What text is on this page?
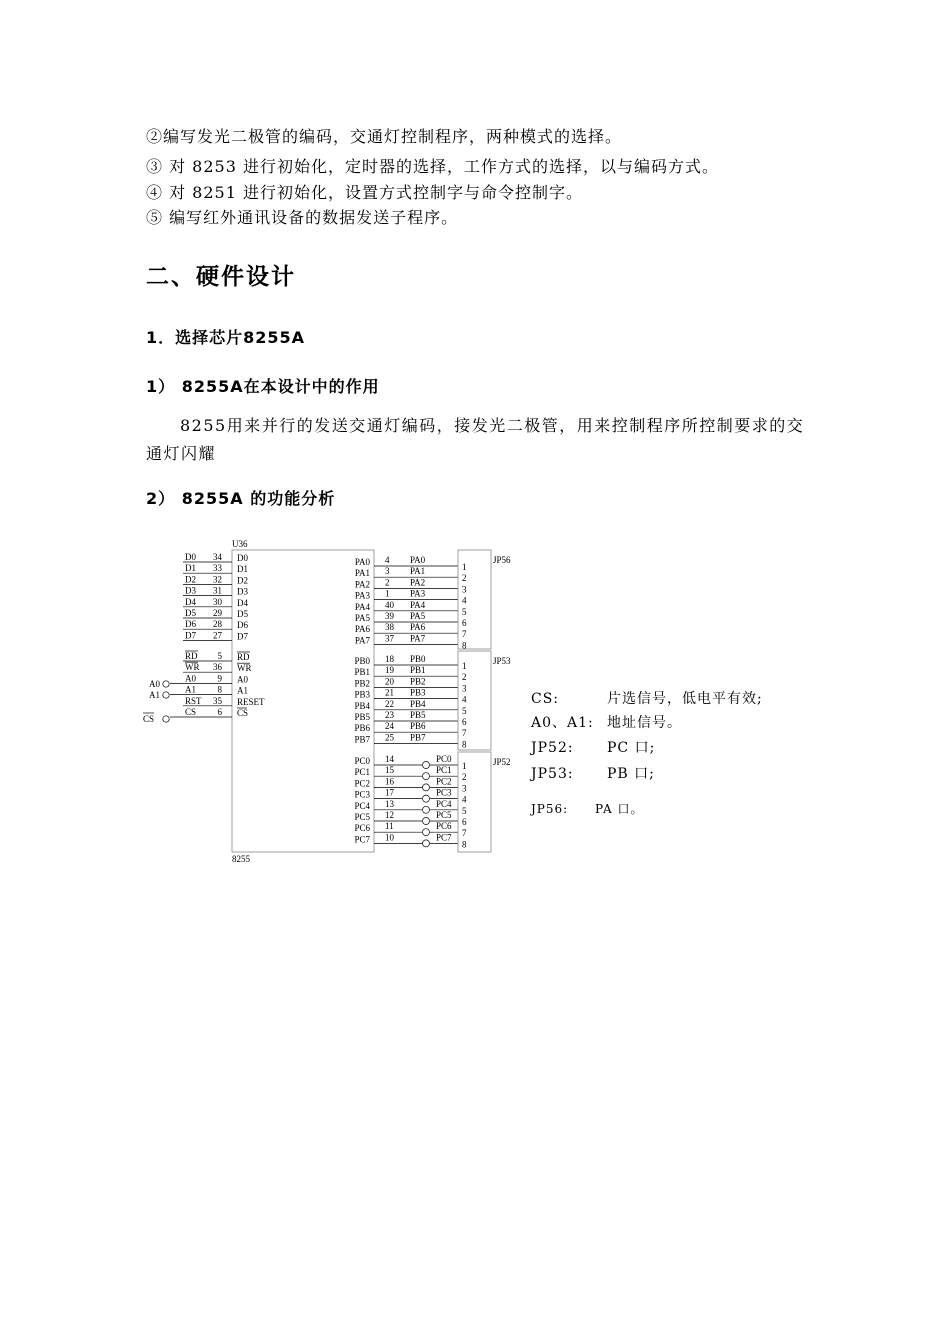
②编写发光二极管的编码，交通灯控制程序，两种模式的选择。
③ 对 8253 进行初始化，定时器的选择，工作方式的选择，以与编码方式。
④ 对 8251 进行初始化，设置方式控制字与命令控制字。
⑤ 编写红外通讯设备的数据发送子程序。
二、硬件设计
1．选择芯片8255A
1） 8255A在本设计中的作用
8255用来并行的发送交通灯编码，接发光二极管，用来控制程序所控制要求的交通灯闪耀
2） 8255A 的功能分析
U36
8255
D0 34 D0
D1 33 D1
D2 32 D2
D3 31 D3
D4 30 D4
D5 29 D5
D6 28 D6
D7 27 D7
RD 5 RD
WR 36 WR
A0 9 A0
A1 8 A1
RST 35 RESET
CS 6 CS
A0
A1
CS
PA0 4 PA0
1
PA1 3 PA1
2
PA2 2 PA2
3
PA3 1 PA3
4
PA4 40 PA4
5
PA5 39 PA5
6
PA6 38 PA6
7
PA7 37 PA7
8
JP56
PB0 18 PB0
1
PB1 19 PB1
2
PB2 20 PB2
3
PB3 21 PB3
4
PB4 22 PB4
5
PB5 23 PB5
6
PB6 24 PB6
7
PB7 25 PB7
8
JP53
PC0 14	PC0
1
PC1 15	PC1
2
PC2 16	PC2
3
PC3 17	PC3
4
PC4 13	PC4
5
PC5 12	PC5
6
PC6 11	PC6
7
PC7 10	PC7
8
JP52
CS:	片选信号，低电平有效;
A0、A1: 地址信号。
JP52: PC 口;
JP53: PB 口;
JP56: PA 口。
